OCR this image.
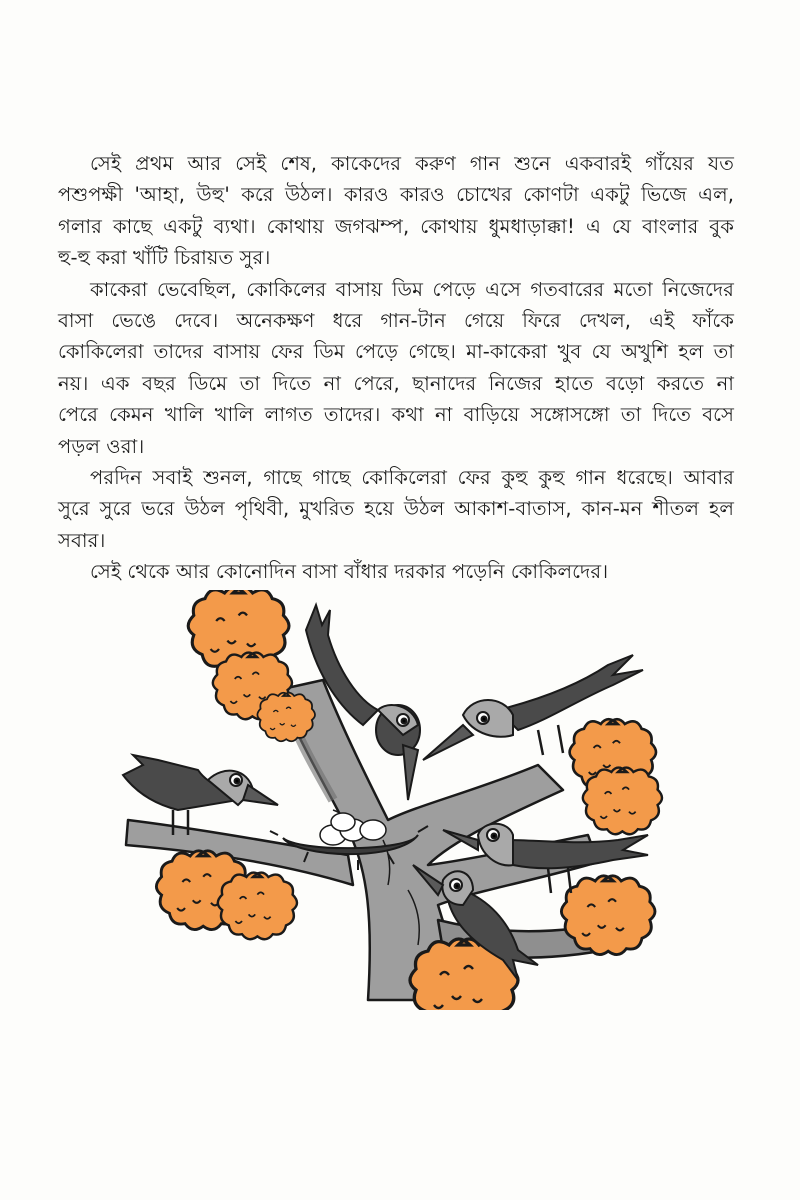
সেই প্রথম আর সেই শেষ, কাকেদের করুণ গান শুনে একবারই গাঁয়ের যত
পশুপক্ষী 'আহা, উহু' করে উঠল। কারও কারও চোখের কোণটা একটু ভিজে এল,
গলার কাছে একটু ব্যথা। কোথায় জগঝম্প, কোথায় ধুমধাড়াক্কা! এ যে বাংলার বুক
হু-হু করা খাঁটি চিরায়ত সুর।
কাকেরা ভেবেছিল, কোকিলের বাসায় ডিম পেড়ে এসে গতবারের মতো নিজেদের
বাসা ভেঙে দেবে। অনেকক্ষণ ধরে গান-টান গেয়ে ফিরে দেখল, এই ফাঁকে
কোকিলেরা তাদের বাসায় ফের ডিম পেড়ে গেছে। মা-কাকেরা খুব যে অখুশি হল তা
নয়। এক বছর ডিমে তা দিতে না পেরে, ছানাদের নিজের হাতে বড়ো করতে না
পেরে কেমন খালি খালি লাগত তাদের। কথা না বাড়িয়ে সঙ্গোসঙ্গো তা দিতে বসে
পড়ল ওরা।
পরদিন সবাই শুনল, গাছে গাছে কোকিলেরা ফের কুহু কুহু গান ধরেছে। আবার
সুরে সুরে ভরে উঠল পৃথিবী, মুখরিত হয়ে উঠল আকাশ-বাতাস, কান-মন শীতল হল
সবার।
সেই থেকে আর কোনোদিন বাসা বাঁধার দরকার পড়েনি কোকিলদের।
